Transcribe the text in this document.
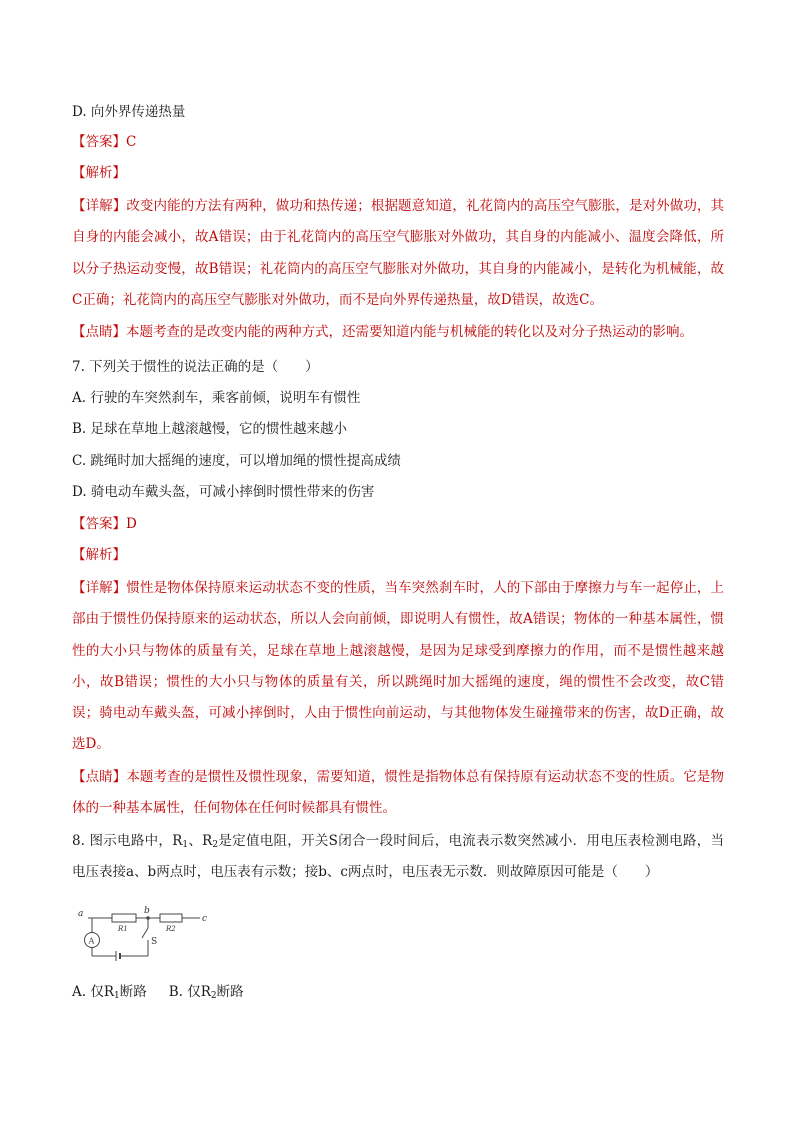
D. 向外界传递热量
【答案】C
【解析】
【详解】改变内能的方法有两种，做功和热传递；根据题意知道，礼花筒内的高压空气膨胀，是对外做功，其自身的内能会减小，故A错误；由于礼花筒内的高压空气膨胀对外做功，其自身的内能减小、温度会降低，所以分子热运动变慢，故B错误；礼花筒内的高压空气膨胀对外做功，其自身的内能减小，是转化为机械能，故C正确；礼花筒内的高压空气膨胀对外做功，而不是向外界传递热量，故D错误，故选C。
【点睛】本题考查的是改变内能的两种方式，还需要知道内能与机械能的转化以及对分子热运动的影响。
7. 下列关于惯性的说法正确的是（　　）
A. 行驶的车突然刹车，乘客前倾，说明车有惯性
B. 足球在草地上越滚越慢，它的惯性越来越小
C. 跳绳时加大摇绳的速度，可以增加绳的惯性提高成绩
D. 骑电动车戴头盔，可减小摔倒时惯性带来的伤害
【答案】D
【解析】
【详解】惯性是物体保持原来运动状态不变的性质，当车突然刹车时，人的下部由于摩擦力与车一起停止，上部由于惯性仍保持原来的运动状态，所以人会向前倾，即说明人有惯性，故A错误；物体的一种基本属性，惯性的大小只与物体的质量有关，足球在草地上越滚越慢，是因为足球受到摩擦力的作用，而不是惯性越来越小，故B错误；惯性的大小只与物体的质量有关，所以跳绳时加大摇绳的速度，绳的惯性不会改变，故C错误；骑电动车戴头盔，可减小摔倒时，人由于惯性向前运动，与其他物体发生碰撞带来的伤害，故D正确，故选D。
【点睛】本题考查的是惯性及惯性现象，需要知道，惯性是指物体总有保持原有运动状态不变的性质。它是物体的一种基本属性，任何物体在任何时候都具有惯性。
8. 图示电路中，$R_1$、$R_2$是定值电阻，开关S闭合一段时间后，电流表示数突然减小．用电压表检测电路，当电压表接a、b两点时，电压表有示数；接b、c两点时，电压表无示数．则故障原因可能是（　　）
a	b
c
R1	R2
S
A
A. 仅$R_1$断路 B. 仅$R_2$断路
